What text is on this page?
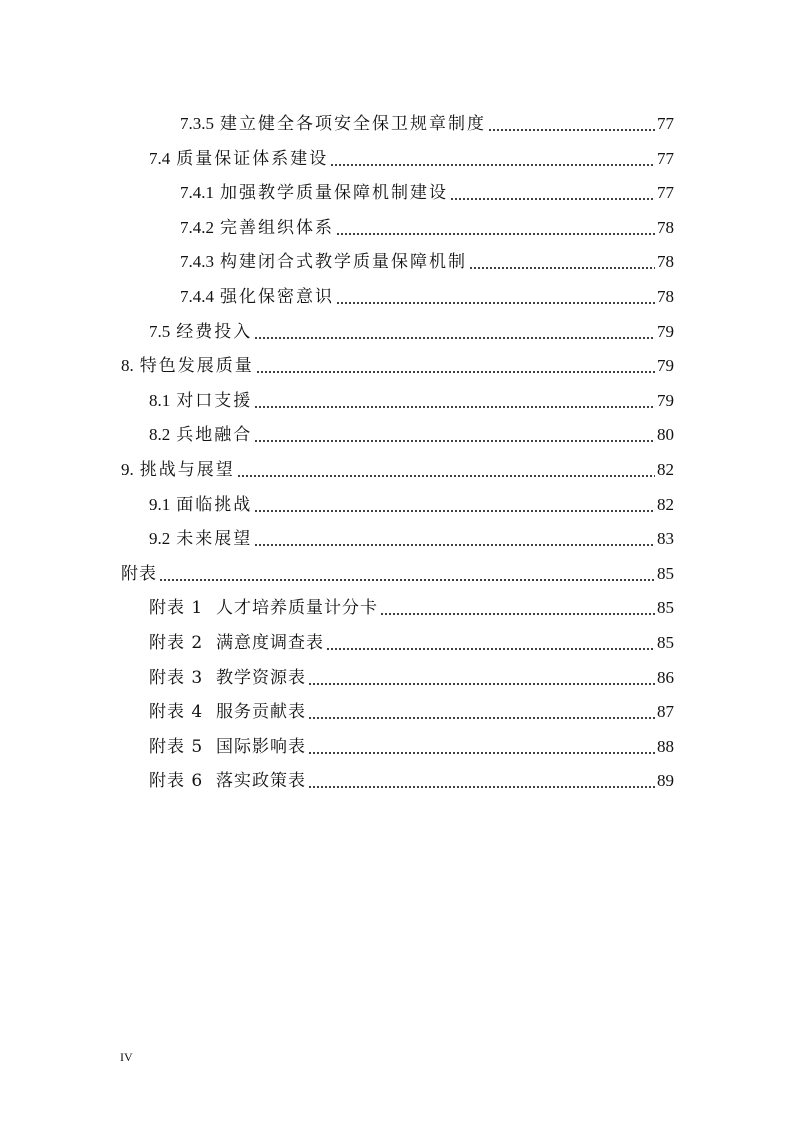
7.3.5 建立健全各项安全保卫规章制度	77
7.4 质量保证体系建设	77
7.4.1 加强教学质量保障机制建设	77
7.4.2 完善组织体系	78
7.4.3 构建闭合式教学质量保障机制	78
7.4.4 强化保密意识	78
7.5 经费投入	79
8. 特色发展质量	79
8.1 对口支援	79
8.2 兵地融合	80
9. 挑战与展望	82
9.1 面临挑战	82
9.2 未来展望	83
附表	85
附表 1  人才培养质量计分卡	85
附表 2  满意度调查表	85
附表 3  教学资源表	86
附表 4  服务贡献表	87
附表 5  国际影响表	88
附表 6  落实政策表	89
IV
